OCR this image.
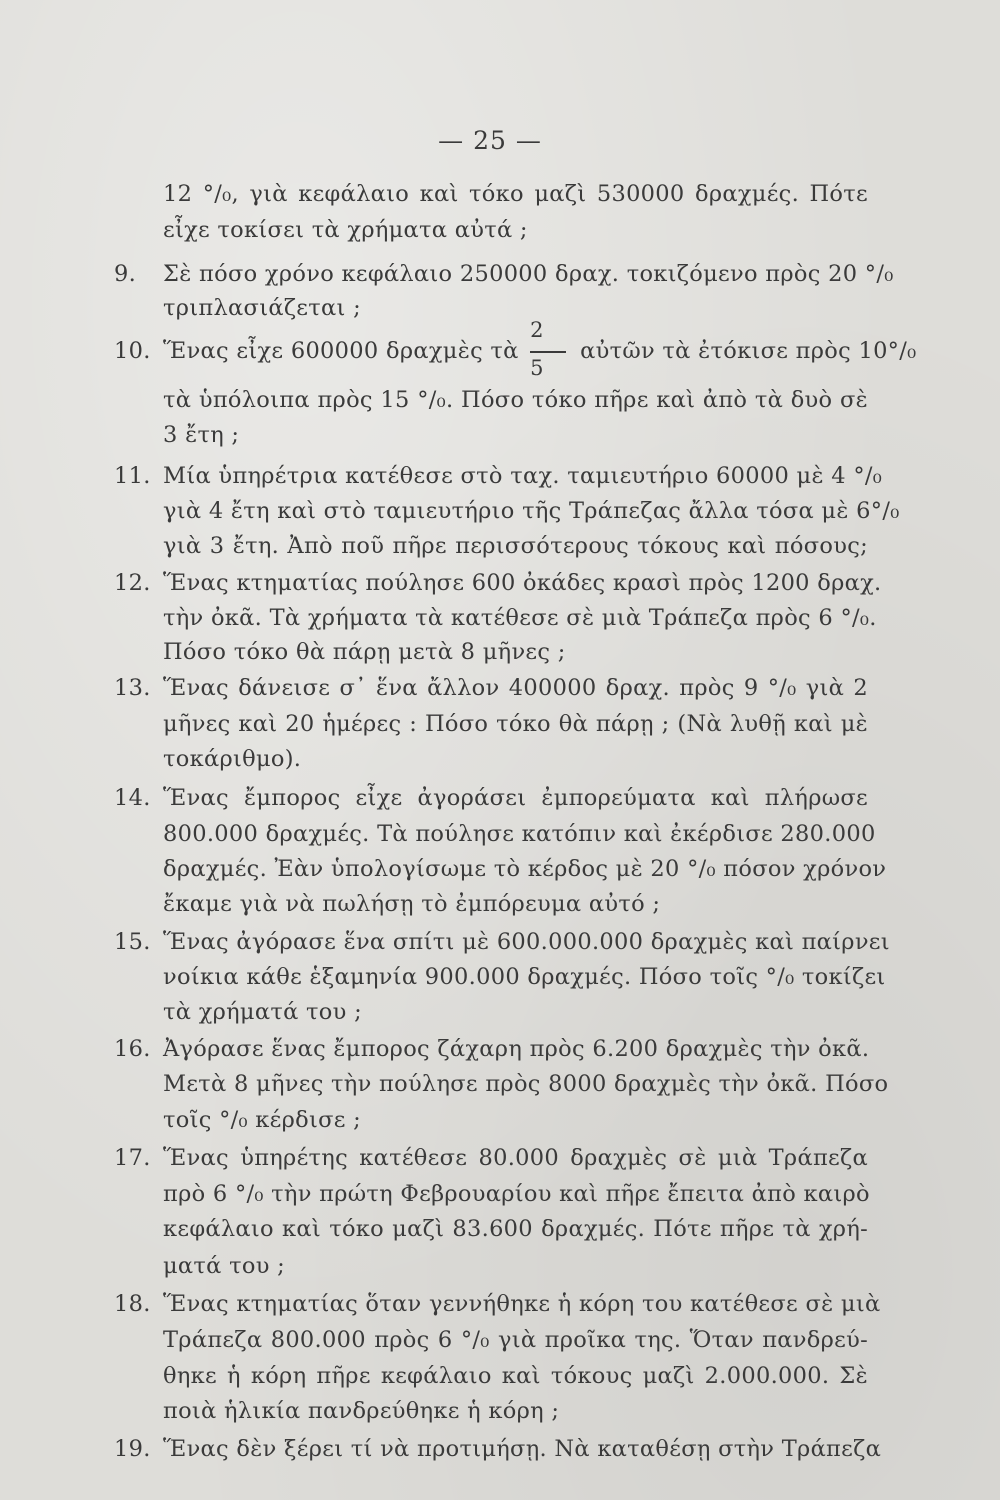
— 25 —
12 °/₀, γιὰ κεφάλαιο καὶ τόκο μαζὶ 530000 δραχμές. Πότε
εἶχε τοκίσει τὰ χρήματα αὐτά ;
9. Σὲ πόσο χρόνο κεφάλαιο 250000 δραχ. τοκιζόμενο πρὸς 20 °/₀
τριπλασιάζεται ;
10. Ἕνας εἶχε 600000 δραχμὲς τὰ $\frac{2}{5}$ αὐτῶν τὰ ἐτόκισε πρὸς 10°/₀
τὰ ὑπόλοιπα πρὸς 15 °/₀. Πόσο τόκο πῆρε καὶ ἀπὸ τὰ δυὸ σὲ
3 ἔτη ;
11. Μία ὑπηρέτρια κατέθεσε στὸ ταχ. ταμιευτήριο 60000 μὲ 4 °/₀
γιὰ 4 ἔτη καὶ στὸ ταμιευτήριο τῆς Τράπεζας ἄλλα τόσα μὲ 6°/₀
γιὰ 3 ἔτη. Ἀπὸ ποῦ πῆρε περισσότερους τόκους καὶ πόσους;
12. Ἕνας κτηματίας πούλησε 600 ὀκάδες κρασὶ πρὸς 1200 δραχ.
τὴν ὀκᾶ. Τὰ χρήματα τὰ κατέθεσε σὲ μιὰ Τράπεζα πρὸς 6 °/₀.
Πόσο τόκο θὰ πάρῃ μετὰ 8 μῆνες ;
13. Ἕνας δάνεισε σ᾽ ἕνα ἄλλον 400000 δραχ. πρὸς 9 °/₀ γιὰ 2
μῆνες καὶ 20 ἡμέρες : Πόσο τόκο θὰ πάρῃ ; (Νὰ λυθῇ καὶ μὲ
τοκάριθμο).
14. Ἕνας ἔμπορος εἶχε ἀγοράσει ἐμπορεύματα καὶ πλήρωσε
800.000 δραχμές. Τὰ πούλησε κατόπιν καὶ ἐκέρδισε 280.000
δραχμές. Ἐὰν ὑπολογίσωμε τὸ κέρδος μὲ 20 °/₀ πόσον χρόνον
ἔκαμε γιὰ νὰ πωλήσῃ τὸ ἐμπόρευμα αὐτό ;
15. Ἕνας ἀγόρασε ἕνα σπίτι μὲ 600.000.000 δραχμὲς καὶ παίρνει
νοίκια κάθε ἑξαμηνία 900.000 δραχμές. Πόσο τοῖς °/₀ τοκίζει
τὰ χρήματά του ;
16. Ἀγόρασε ἕνας ἔμπορος ζάχαρη πρὸς 6.200 δραχμὲς τὴν ὀκᾶ.
Μετὰ 8 μῆνες τὴν πούλησε πρὸς 8000 δραχμὲς τὴν ὀκᾶ. Πόσο
τοῖς °/₀ κέρδισε ;
17. Ἕνας ὑπηρέτης κατέθεσε 80.000 δραχμὲς σὲ μιὰ Τράπεζα
πρὸ 6 °/₀ τὴν πρώτη Φεβρουαρίου καὶ πῆρε ἔπειτα ἀπὸ καιρὸ
κεφάλαιο καὶ τόκο μαζὶ 83.600 δραχμές. Πότε πῆρε τὰ χρή-
ματά του ;
18. Ἕνας κτηματίας ὅταν γεννήθηκε ἡ κόρη του κατέθεσε σὲ μιὰ
Τράπεζα 800.000 πρὸς 6 °/₀ γιὰ προῖκα της. Ὅταν πανδρεύ-
θηκε ἡ κόρη πῆρε κεφάλαιο καὶ τόκους μαζὶ 2.000.000. Σὲ
ποιὰ ἡλικία πανδρεύθηκε ἡ κόρη ;
19. Ἕνας δὲν ξέρει τί νὰ προτιμήσῃ. Νὰ καταθέσῃ στὴν Τράπεζα
